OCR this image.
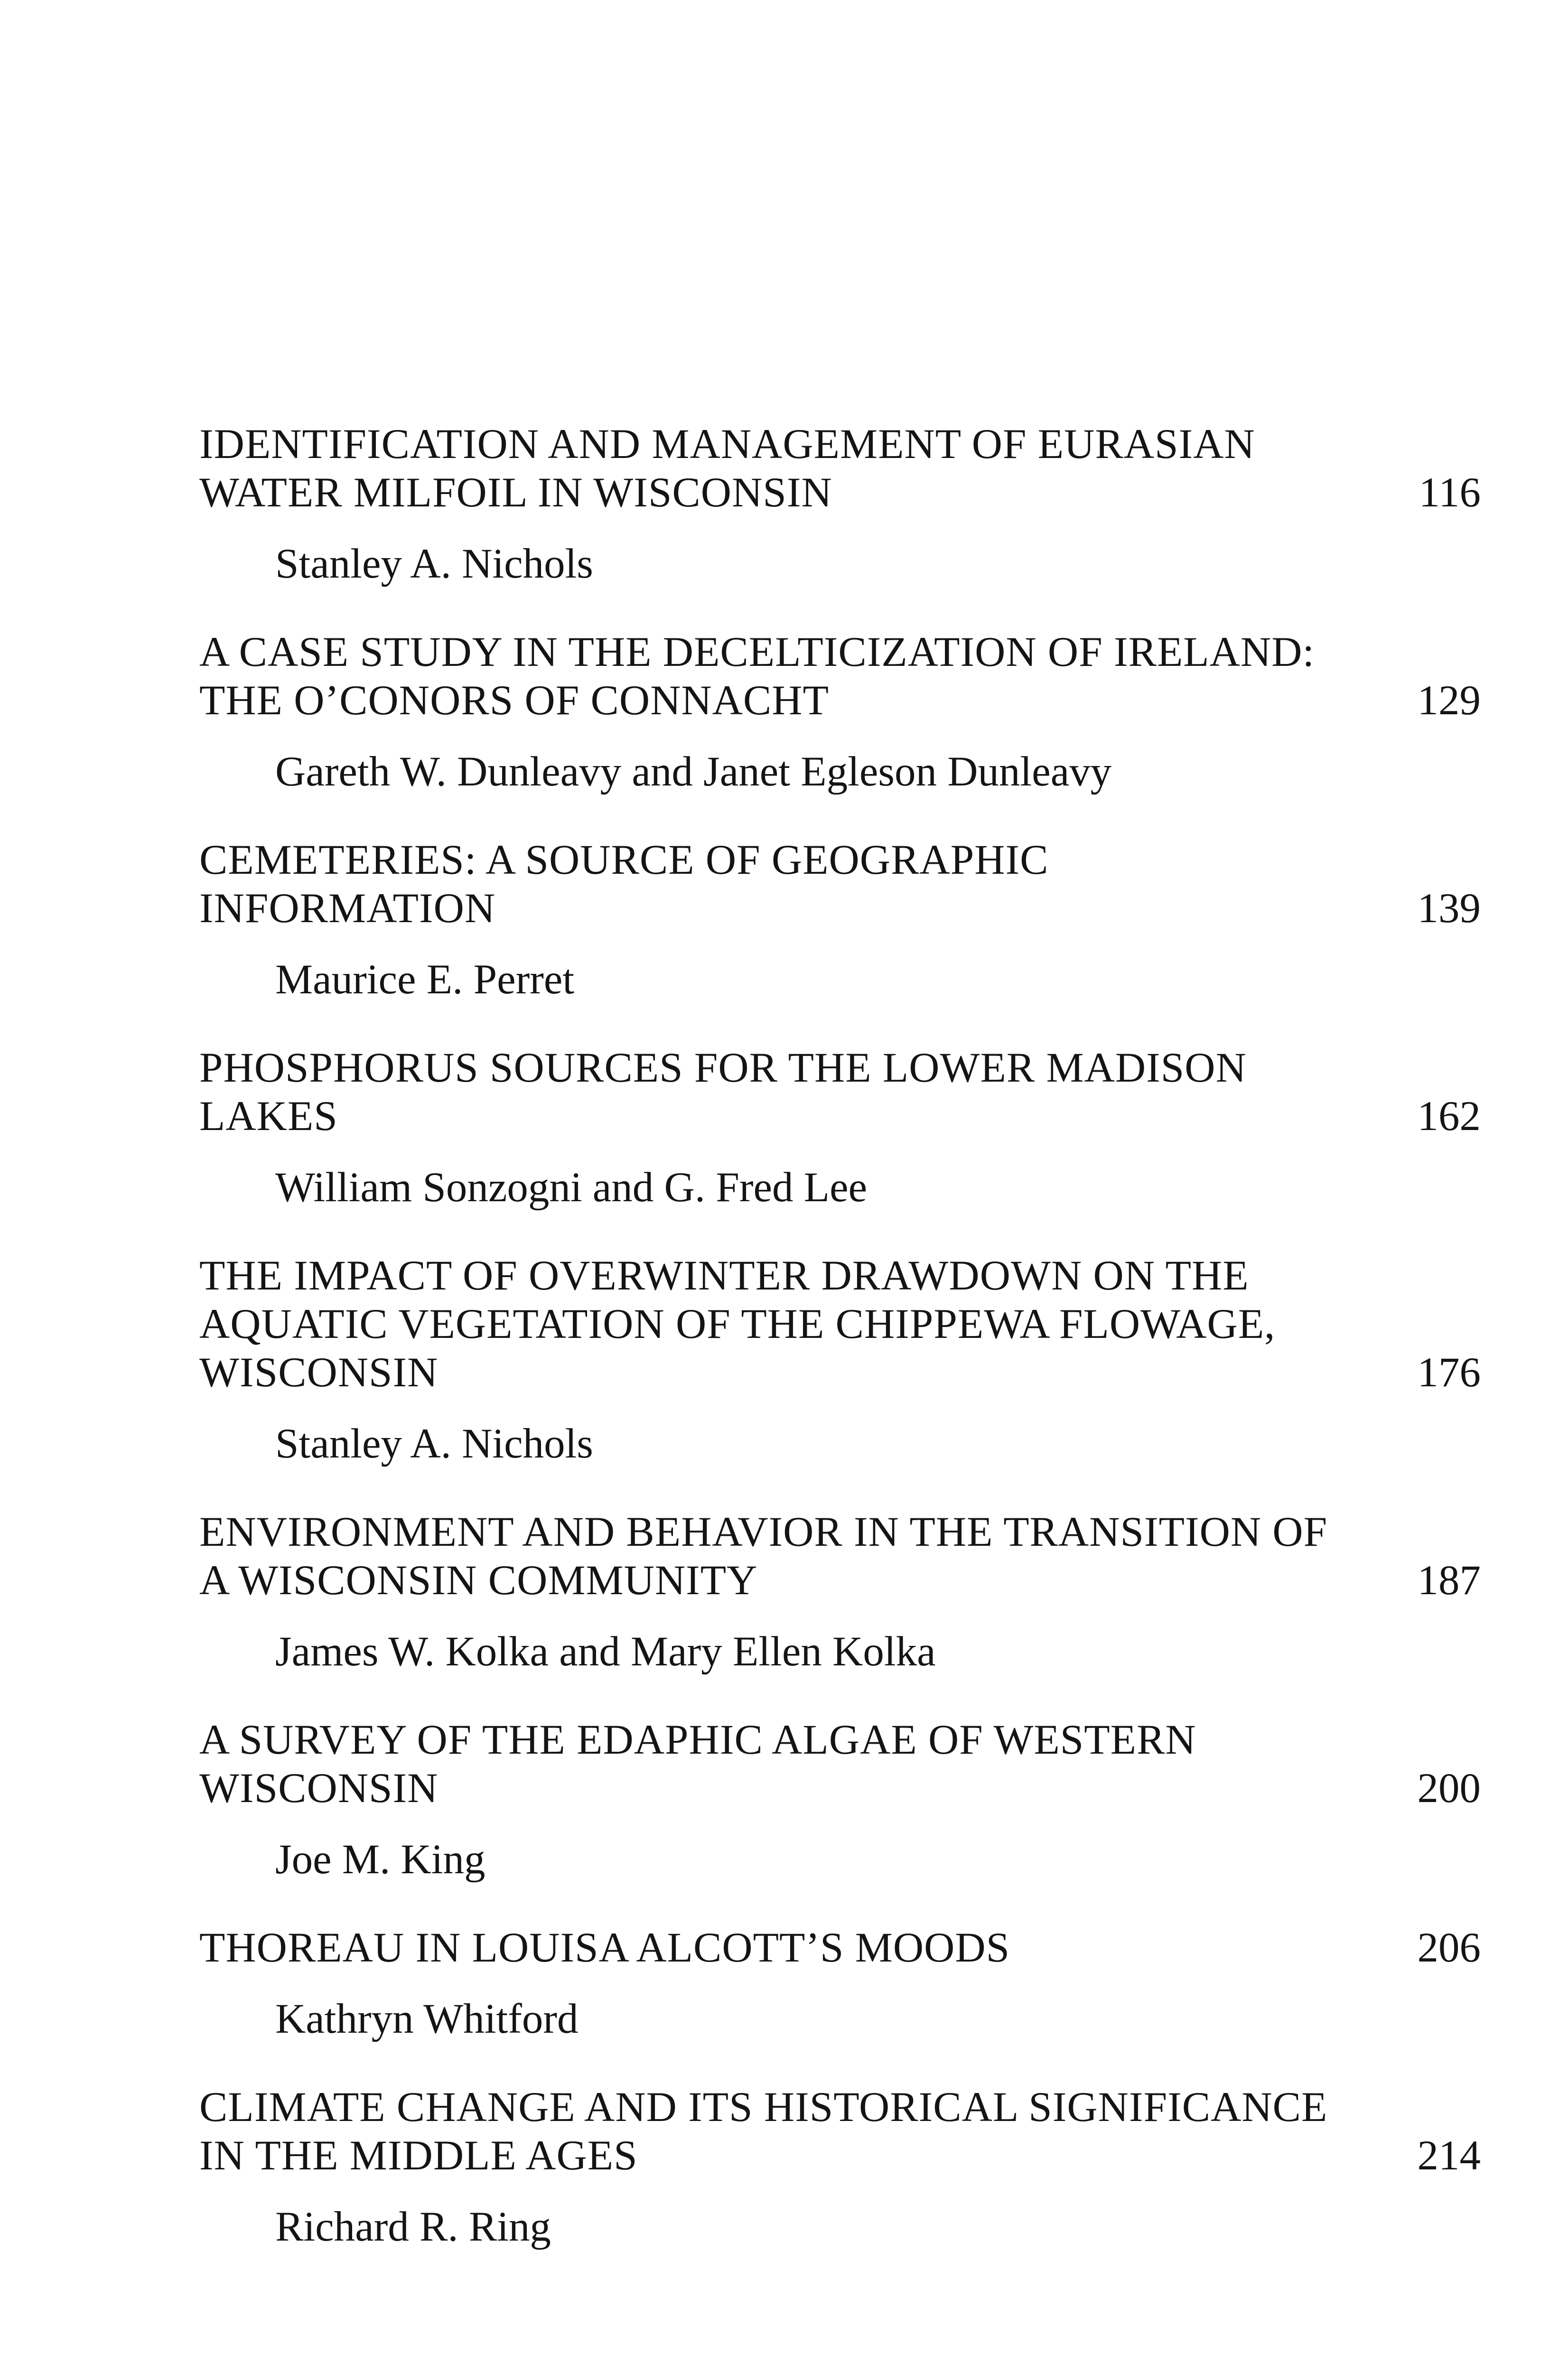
IDENTIFICATION AND MANAGEMENT OF EURASIAN
WATER MILFOIL IN WISCONSIN	116
Stanley A. Nichols
A CASE STUDY IN THE DECELTICIZATION OF IRELAND:
THE O’CONORS OF CONNACHT	129
Gareth W. Dunleavy and Janet Egleson Dunleavy
CEMETERIES: A SOURCE OF GEOGRAPHIC
INFORMATION	139
Maurice E. Perret
PHOSPHORUS SOURCES FOR THE LOWER MADISON
LAKES	162
William Sonzogni and G. Fred Lee
THE IMPACT OF OVERWINTER DRAWDOWN ON THE
AQUATIC VEGETATION OF THE CHIPPEWA FLOWAGE,
WISCONSIN	176
Stanley A. Nichols
ENVIRONMENT AND BEHAVIOR IN THE TRANSITION OF
A WISCONSIN COMMUNITY	187
James W. Kolka and Mary Ellen Kolka
A SURVEY OF THE EDAPHIC ALGAE OF WESTERN
WISCONSIN	200
Joe M. King
THOREAU IN LOUISA ALCOTT’S MOODS	206
Kathryn Whitford
CLIMATE CHANGE AND ITS HISTORICAL SIGNIFICANCE
IN THE MIDDLE AGES	214
Richard R. Ring
